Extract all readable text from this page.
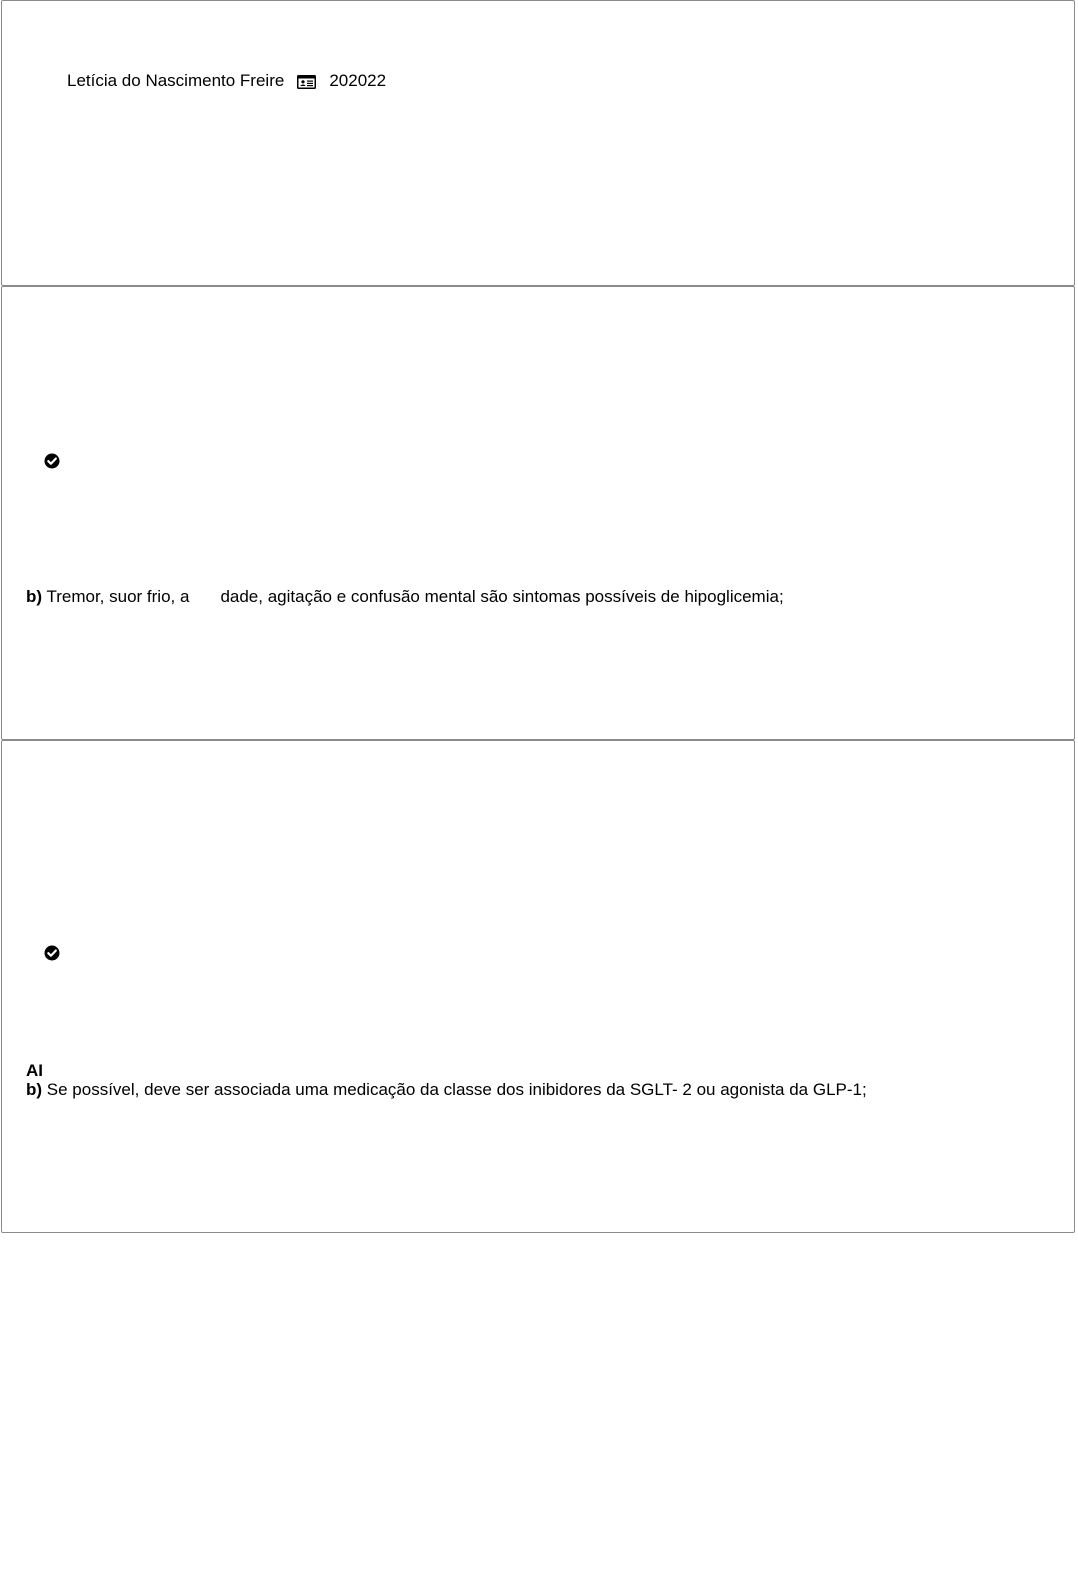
Letícia do Nascimento Freire	202022
b) Tremor, suor frio, a dade, agitação e confusão mental são sintomas possíveis de hipoglicemia;
AI
b) Se possível, deve ser associada uma medicação da classe dos inibidores da SGLT- 2 ou agonista da GLP-1;
